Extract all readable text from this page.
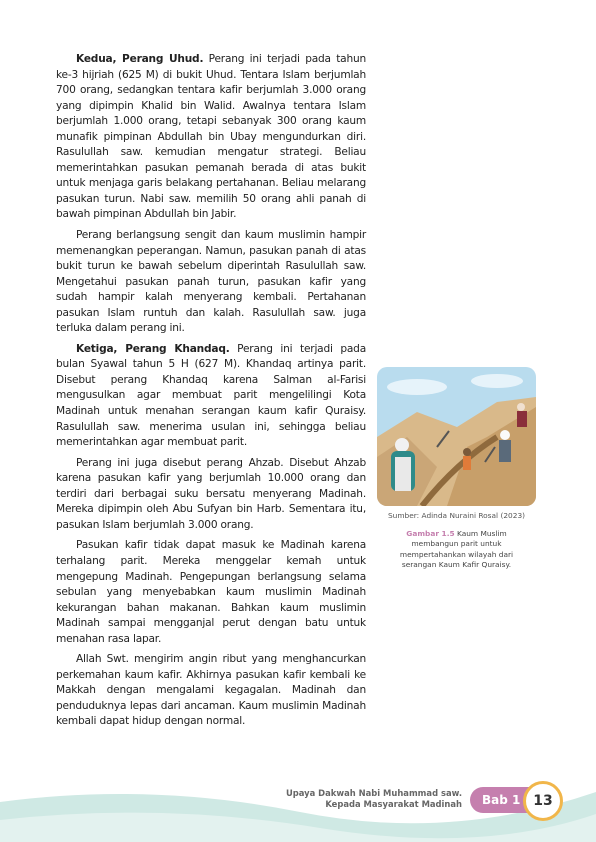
Kedua, Perang Uhud. Perang ini terjadi pada tahun ke-3 hijriah (625 M) di bukit Uhud. Tentara Islam berjumlah 700 orang, sedangkan tentara kafir berjumlah 3.000 orang yang dipimpin Khalid bin Walid. Awalnya tentara Islam berjumlah 1.000 orang, tetapi sebanyak 300 orang kaum munafik pimpinan Abdullah bin Ubay mengundurkan diri. Rasulullah saw. kemudian mengatur strategi. Beliau memerintahkan pasukan pemanah berada di atas bukit untuk menjaga garis belakang pertahanan. Beliau melarang pasukan turun. Nabi saw. memilih 50 orang ahli panah di bawah pimpinan Abdullah bin Jabir.

Perang berlangsung sengit dan kaum muslimin hampir memenangkan peperangan. Namun, pasukan panah di atas bukit turun ke bawah sebelum diperintah Rasulullah saw. Mengetahui pasukan panah turun, pasukan kafir yang sudah hampir kalah menyerang kembali. Pertahanan pasukan Islam runtuh dan kalah. Rasulullah saw. juga terluka dalam perang ini.

Ketiga, Perang Khandaq. Perang ini terjadi pada bulan Syawal tahun 5 H (627 M). Khandaq artinya parit. Disebut perang Khandaq karena Salman al-Farisi mengusulkan agar membuat parit mengelilingi Kota Madinah untuk menahan serangan kaum kafir Quraisy. Rasulullah saw. menerima usulan ini, sehingga beliau memerintahkan agar membuat parit.

Perang ini juga disebut perang Ahzab. Disebut Ahzab karena pasukan kafir yang berjumlah 10.000 orang dan terdiri dari berbagai suku bersatu menyerang Madinah. Mereka dipimpin oleh Abu Sufyan bin Harb. Sementara itu, pasukan Islam berjumlah 3.000 orang.

Pasukan kafir tidak dapat masuk ke Madinah karena terhalang parit. Mereka menggelar kemah untuk mengepung Madinah. Pengepungan berlangsung selama sebulan yang menyebabkan kaum muslimin Madinah kekurangan bahan makanan. Bahkan kaum muslimin Madinah sampai mengganjal perut dengan batu untuk menahan rasa lapar.

Allah Swt. mengirim angin ribut yang menghancurkan perkemahan kaum kafir. Akhirnya pasukan kafir kembali ke Makkah dengan mengalami kegagalan. Madinah dan penduduknya lepas dari ancaman. Kaum muslimin Madinah kembali dapat hidup dengan normal.

Sumber: Adinda Nuraini Rosal (2023)
Gambar 1.5 Kaum Muslim membangun parit untuk mempertahankan wilayah dari serangan Kaum Kafir Quraisy.
Upaya Dakwah Nabi Muhammad saw.
Kepada Masyarakat Madinah	Bab 1 13
